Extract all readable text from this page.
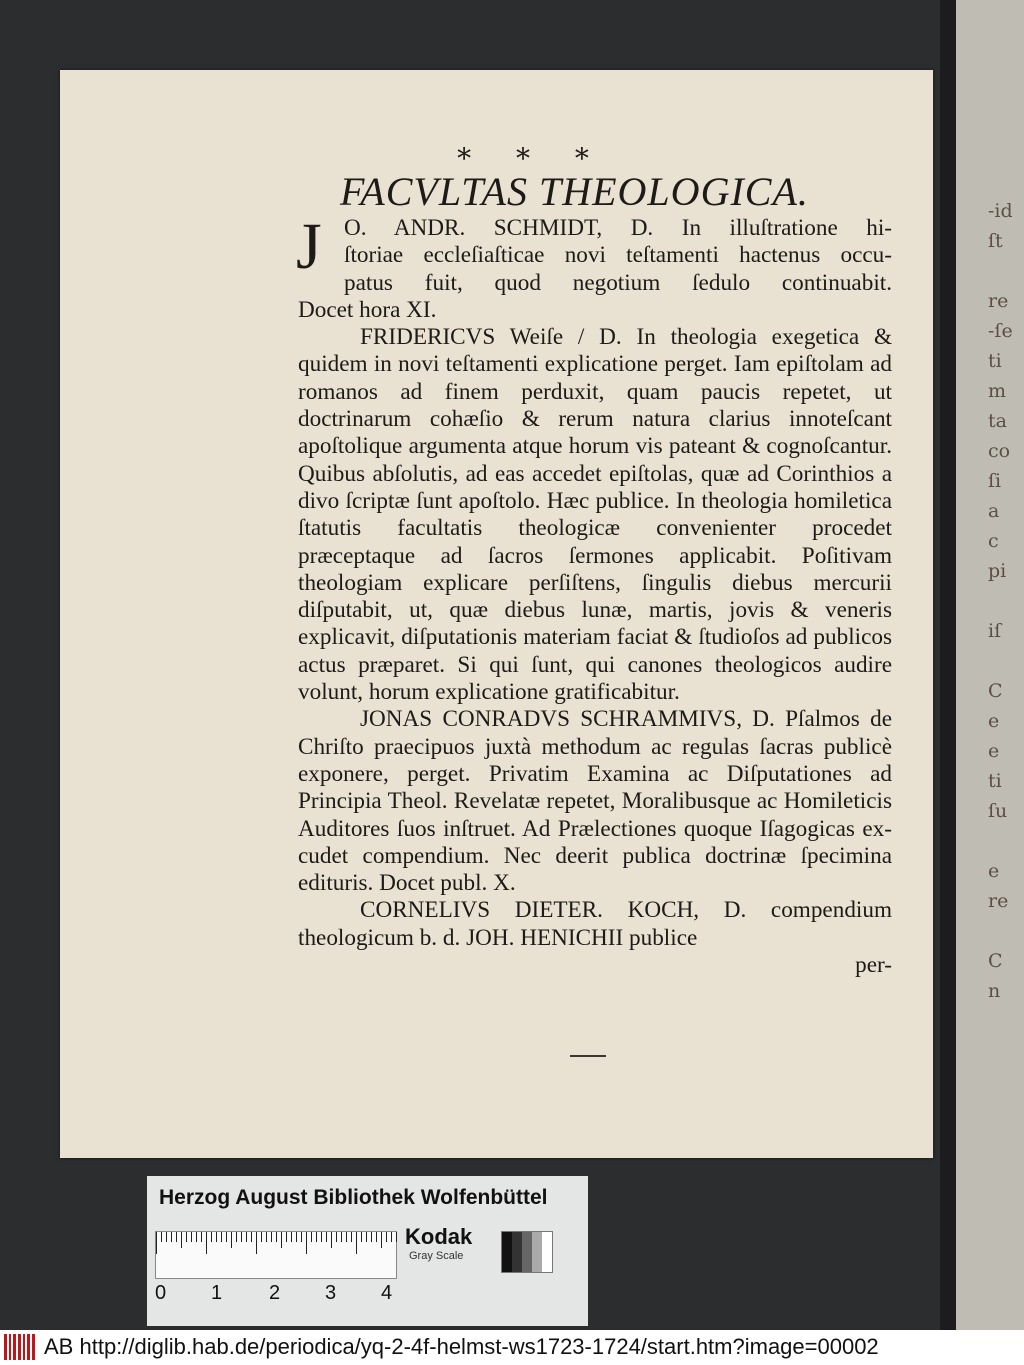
-id
ſt
re
-ſe
ti
m
ta
co
ſi
a
c
pi
iſ
C
e
e
ti
ſu
e
re
C
n
* * *
FACVLTAS THEOLOGICA.
J O. ANDR. SCHMIDT, D. In illuſtratione hi-

ſtoriae eccleſiaſticae novi teſtamenti hactenus occu-

patus fuit, quod negotium ſedulo continuabit.

Docet hora XI.

FRIDERICVS Weiſe / D. In theologia exegetica & quidem in novi teſtamenti explicatione perget. Iam epiſtolam ad romanos ad finem perduxit, quam paucis repetet, ut doctrinarum cohæſio & rerum natura clarius innoteſcant apoſtolique argumenta atque horum vis pateant & cognoſcantur. Quibus abſolutis, ad eas accedet epiſtolas, quæ ad Corinthios a divo ſcriptæ ſunt apoſtolo. Hæc publice. In theologia homiletica ſtatutis facultatis theologicæ convenienter procedet præceptaque ad ſacros ſermones applicabit. Poſitivam theologiam explicare perſiſtens, ſingulis diebus mercurii diſputabit, ut, quæ diebus lunæ, martis, jovis & veneris explicavit, diſputationis materiam faciat & ſtudioſos ad publicos actus præparet. Si qui ſunt, qui canones theologicos audire volunt, horum explicatione gratificabitur.

JONAS CONRADVS SCHRAMMIVS, D. Pſalmos de Chriſto praecipuos juxtà methodum ac regulas ſacras publicè exponere, perget. Privatim Examina ac Diſputationes ad Principia Theol. Revelatæ repetet, Moralibusque ac Homileticis Auditores ſuos inſtruet. Ad Prælectiones quoque Iſagogicas excudet compendium. Nec deerit publica doctrinæ ſpecimina edituris. Docet publ. X.

CORNELIVS DIETER. KOCH, D. compendium theologicum b. d. JOH. HENICHII publice

per-

Herzog August Bibliothek Wolfenbüttel
0 1 2 3 4
Kodak
Gray Scale
AB http://diglib.hab.de/periodica/yq-2-4f-helmst-ws1723-1724/start.htm?image=00002
